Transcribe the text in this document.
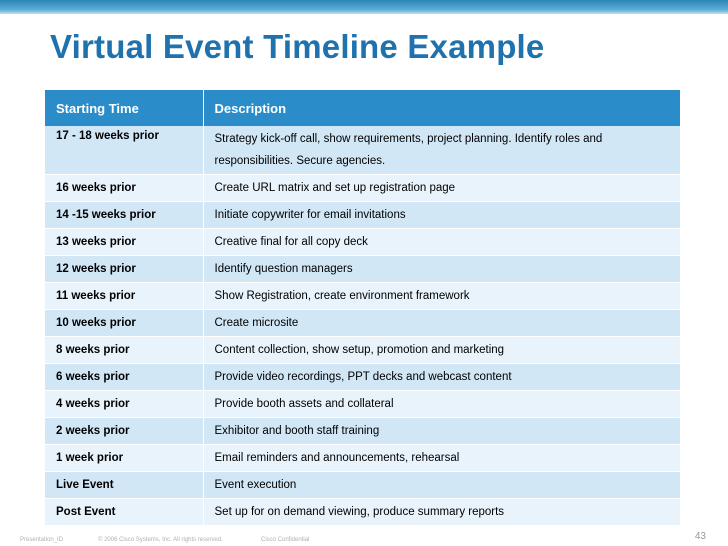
Virtual Event Timeline Example
Starting Time	Description
17 - 18 weeks prior	Strategy kick-off call, show requirements, project planning. Identify roles and responsibilities. Secure agencies.
16 weeks prior	Create URL matrix and set up registration page
14 -15 weeks prior	Initiate copywriter for email invitations
13 weeks prior	Creative final for all copy deck
12 weeks prior	Identify question managers
11 weeks prior	Show Registration, create environment framework
10 weeks prior	Create microsite
8 weeks prior	Content collection, show setup, promotion and marketing
6 weeks prior	Provide video recordings, PPT decks and webcast content
4 weeks prior	Provide booth assets and collateral
2 weeks prior	Exhibitor and booth staff training
1 week prior	Email reminders and announcements, rehearsal
Live Event	Event execution
Post Event	Set up for on demand viewing, produce summary reports
Presentation_ID	© 2006 Cisco Systems, Inc. All rights reserved.	Cisco Confidential	43
